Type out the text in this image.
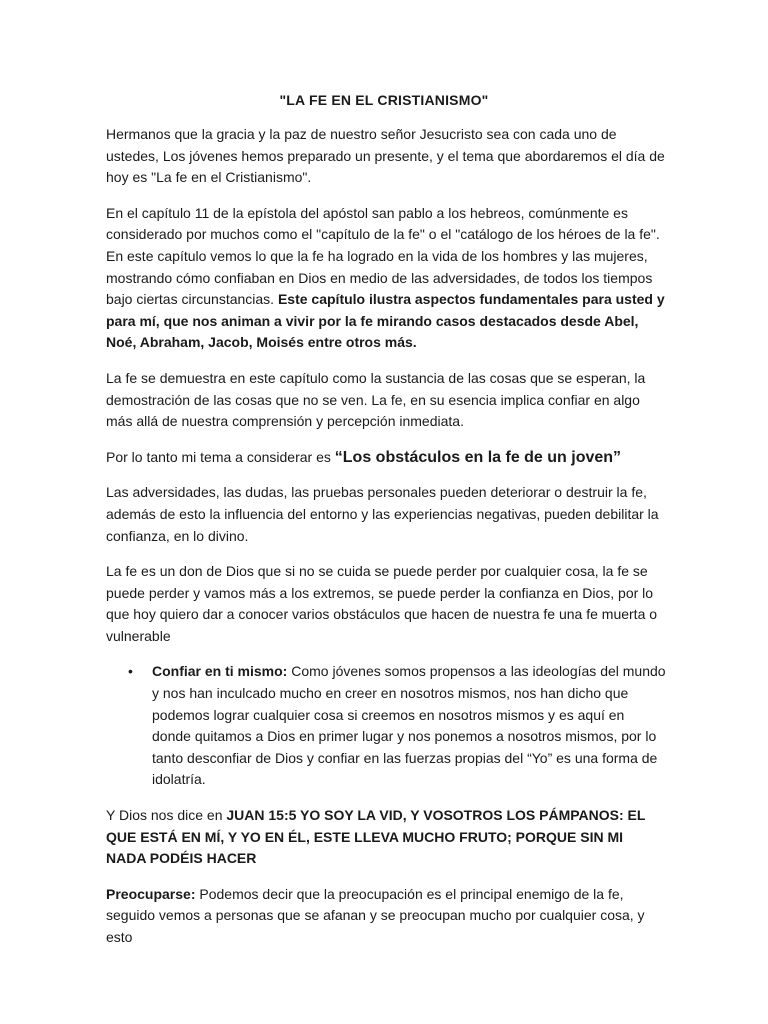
"LA FE EN EL CRISTIANISMO"

Hermanos que la gracia y la paz de nuestro señor Jesucristo sea con cada uno de ustedes, Los jóvenes hemos preparado un presente, y el tema que abordaremos el día de hoy es "La fe en el Cristianismo".

En el capítulo 11 de la epístola del apóstol san pablo a los hebreos, comúnmente es considerado por muchos como el "capítulo de la fe" o el "catálogo de los héroes de la fe". En este capítulo vemos lo que la fe ha logrado en la vida de los hombres y las mujeres, mostrando cómo confiaban en Dios en medio de las adversidades, de todos los tiempos bajo ciertas circunstancias. Este capítulo ilustra aspectos fundamentales para usted y para mí, que nos animan a vivir por la fe mirando casos destacados desde Abel, Noé, Abraham, Jacob, Moisés entre otros más.

La fe se demuestra en este capítulo como la sustancia de las cosas que se esperan, la demostración de las cosas que no se ven. La fe, en su esencia implica confiar en algo más allá de nuestra comprensión y percepción inmediata.

Por lo tanto mi tema a considerar es “Los obstáculos en la fe de un joven”

Las adversidades, las dudas, las pruebas personales pueden deteriorar o destruir la fe, además de esto la influencia del entorno y las experiencias negativas, pueden debilitar la confianza, en lo divino.

La fe es un don de Dios que si no se cuida se puede perder por cualquier cosa, la fe se puede perder y vamos más a los extremos, se puede perder la confianza en Dios, por lo que hoy quiero dar a conocer varios obstáculos que hacen de nuestra fe una fe muerta o vulnerable

• Confiar en ti mismo: Como jóvenes somos propensos a las ideologías del mundo y nos han inculcado mucho en creer en nosotros mismos, nos han dicho que podemos lograr cualquier cosa si creemos en nosotros mismos y es aquí en donde quitamos a Dios en primer lugar y nos ponemos a nosotros mismos, por lo tanto desconfiar de Dios y confiar en las fuerzas propias del “Yo” es una forma de idolatría.

Y Dios nos dice en JUAN 15:5 YO SOY LA VID, Y VOSOTROS LOS PÁMPANOS: EL QUE ESTÁ EN MÍ, Y YO EN ÉL, ESTE LLEVA MUCHO FRUTO; PORQUE SIN MI NADA PODÉIS HACER

Preocuparse: Podemos decir que la preocupación es el principal enemigo de la fe, seguido vemos a personas que se afanan y se preocupan mucho por cualquier cosa, y esto
